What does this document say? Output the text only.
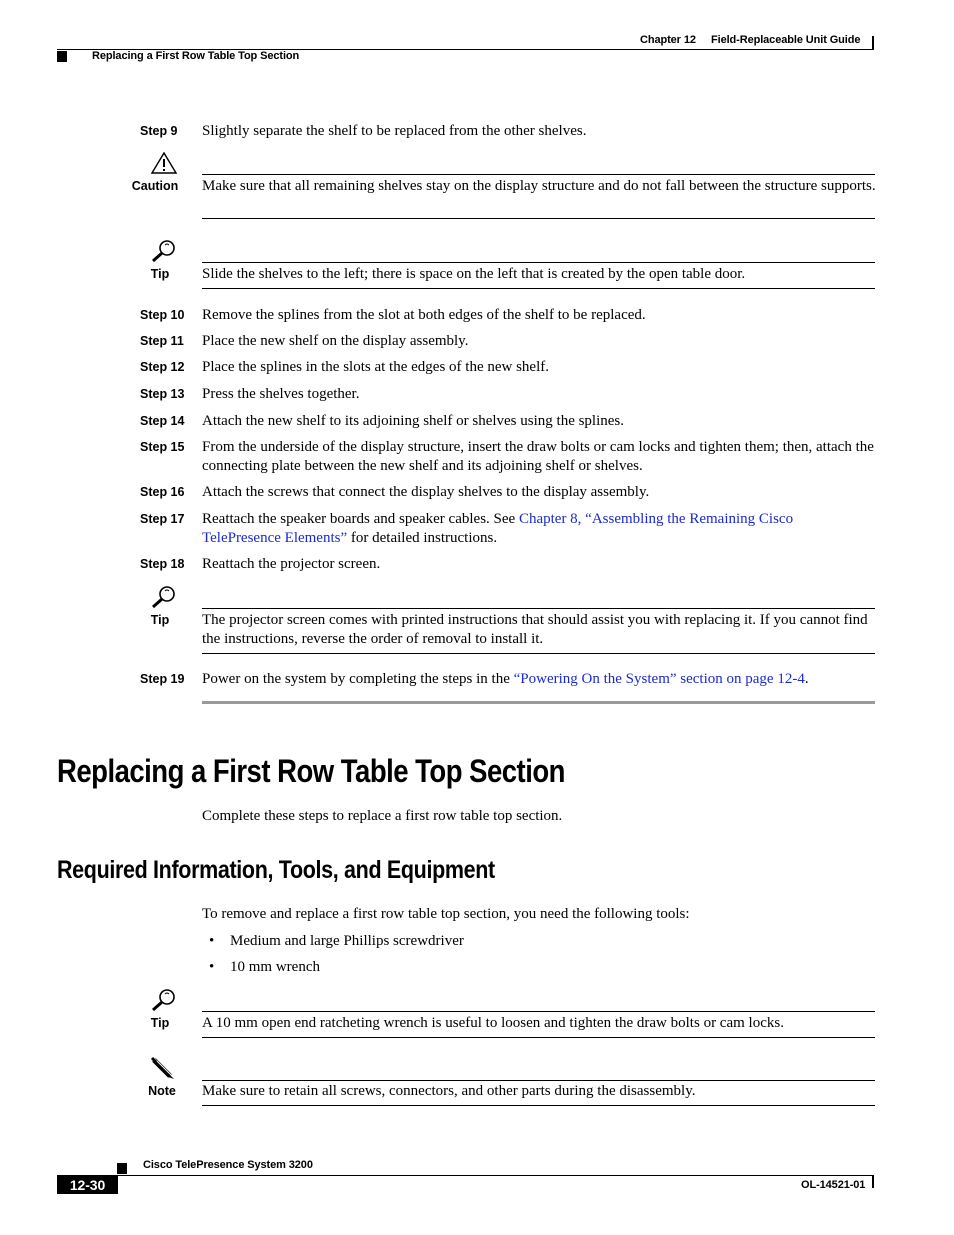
Chapter 12 Field-Replaceable Unit Guide
Replacing a First Row Table Top Section
Step 9 Slightly separate the shelf to be replaced from the other shelves.
Caution Make sure that all remaining shelves stay on the display structure and do not fall between the structure supports.
Tip	Slide the shelves to the left; there is space on the left that is created by the open table door.
Step 10 Remove the splines from the slot at both edges of the shelf to be replaced.
Step 11 Place the new shelf on the display assembly.
Step 12 Place the splines in the slots at the edges of the new shelf.
Step 13 Press the shelves together.
Step 14 Attach the new shelf to its adjoining shelf or shelves using the splines.
Step 15 From the underside of the display structure, insert the draw bolts or cam locks and tighten them; then, attach the connecting plate between the new shelf and its adjoining shelf or shelves.
Step 16 Attach the screws that connect the display shelves to the display assembly.
Step 17 Reattach the speaker boards and speaker cables. See Chapter 8, “Assembling the Remaining Cisco TelePresence Elements” for detailed instructions.
Step 18 Reattach the projector screen.
Tip	The projector screen comes with printed instructions that should assist you with replacing it. If you cannot find the instructions, reverse the order of removal to install it.
Step 19 Power on the system by completing the steps in the “Powering On the System” section on page 12-4.
Replacing a First Row Table Top Section
Complete these steps to replace a first row table top section.
Required Information, Tools, and Equipment
To remove and replace a first row table top section, you need the following tools:
• Medium and large Phillips screwdriver
• 10 mm wrench
Tip	A 10 mm open end ratcheting wrench is useful to loosen and tighten the draw bolts or cam locks.
Note	Make sure to retain all screws, connectors, and other parts during the disassembly.
Cisco TelePresence System 3200
12-30	OL-14521-01
